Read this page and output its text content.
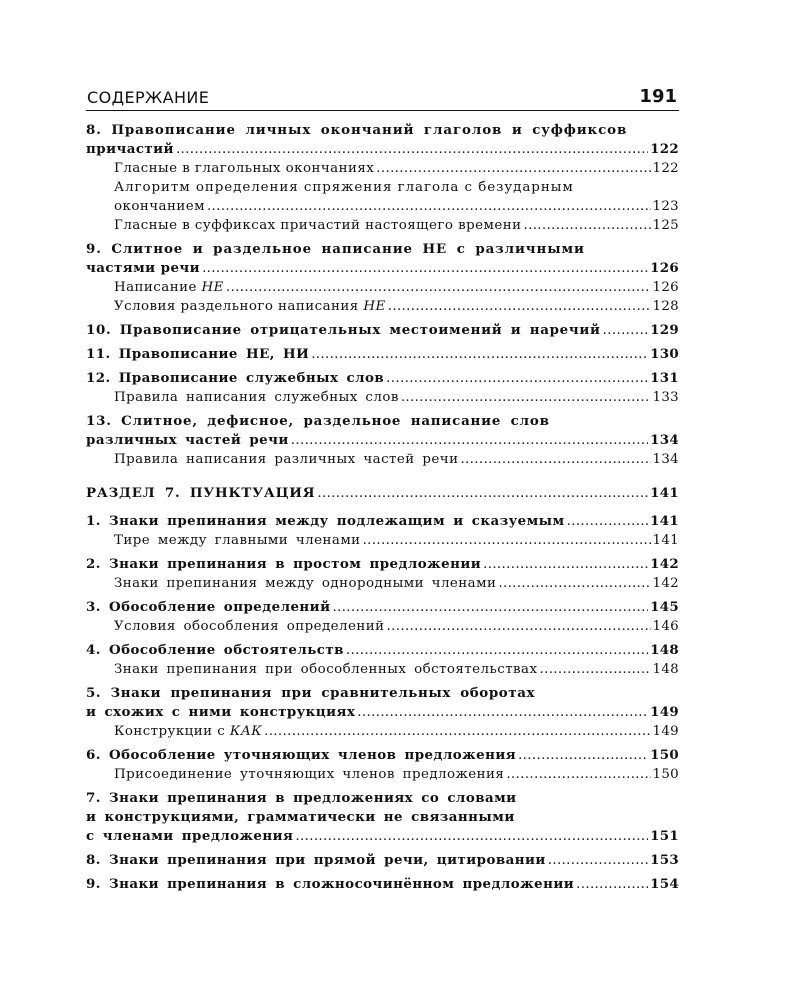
СОДЕРЖАНИЕ	191
8. Правописание личных окончаний глаголов и суффиксов
причастий .....	122
Гласные в глагольных окончаниях .....	122
Алгоритм определения спряжения глагола с безударным
окончанием .....	123
Гласные в суффиксах причастий настоящего времени .....	125
9. Слитное и раздельное написание НЕ с различными
частями речи .....	126
Написание
НЕ .....	126
Условия раздельного написания
НЕ .....	128
10. Правописание отрицательных местоимений и наречий .....	129
11. Правописание НЕ, НИ .....	130
12. Правописание служебных слов .....	131
Правила написания служебных слов .....	133
13. Слитное, дефисное, раздельное написание слов
различных частей речи .....	134
Правила написания различных частей речи .....	134
РАЗДЕЛ 7. ПУНКТУАЦИЯ .....	141
1. Знаки препинания между подлежащим и сказуемым .....	141
Тире между главными членами .....	141
2. Знаки препинания в простом предложении .....	142
Знаки препинания между однородными членами .....	142
3. Обособление определений .....	145
Условия обособления определений .....	146
4. Обособление обстоятельств .....	148
Знаки препинания при обособленных обстоятельствах .....	148
5. Знаки препинания при сравнительных оборотах
и схожих с ними конструкциях .....	149
Конструкции с
КАК .....	149
6. Обособление уточняющих членов предложения .....	150
Присоединение уточняющих членов предложения .....	150
7. Знаки препинания в предложениях со словами
и конструкциями, грамматически не связанными
с членами предложения .....	151
8. Знаки препинания при прямой речи, цитировании .....	153
9. Знаки препинания в сложносочинённом предложении .....	154
